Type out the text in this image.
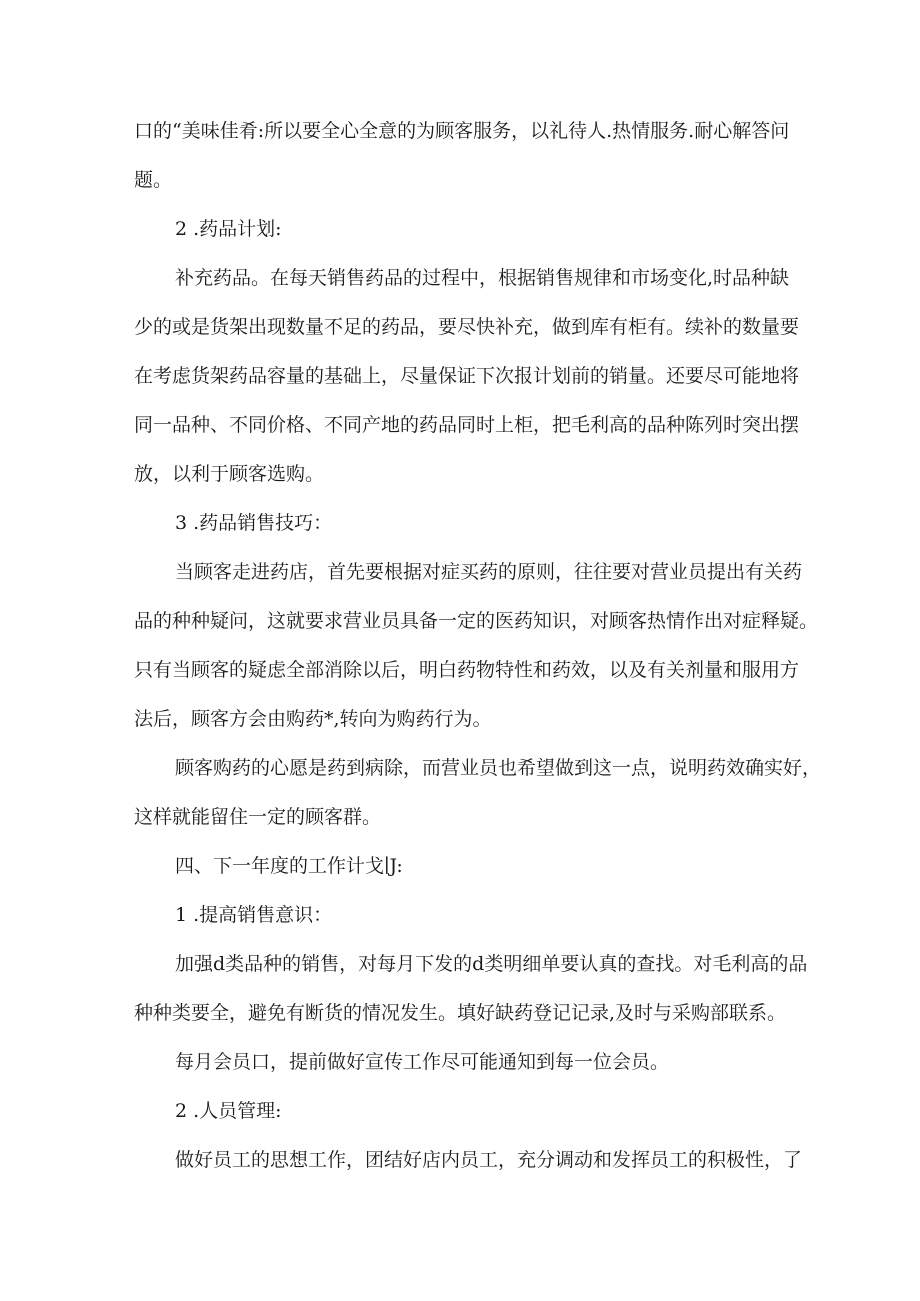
口的“美味佳肴:所以要全心全意的为顾客服务，以礼待人.热情服务.耐心解答问
题。
2 .药品计划:
补充药品。在每天销售药品的过程中，根据销售规律和市场变化,时品种缺
少的或是货架出现数量不足的药品，要尽快补充，做到库有柜有。续补的数量要
在考虑货架药品容量的基础上，尽量保证下次报计划前的销量。还要尽可能地将
同一品种、不同价格、不同产地的药品同时上柜，把毛利高的品种陈列时突出摆
放，以利于顾客选购。
3 .药品销售技巧：
当顾客走进药店，首先要根据对症买药的原则，往往要对营业员提出有关药
品的种种疑问，这就要求营业员具备一定的医药知识，对顾客热情作出对症释疑。
只有当顾客的疑虑全部消除以后，明白药物特性和药效，以及有关剂量和服用方
法后，顾客方会由购药*,转向为购药行为。
顾客购药的心愿是药到病除，而营业员也希望做到这一点，说明药效确实好，
这样就能留住一定的顾客群。
四、下一年度的工作计戈∣J:
1 .提高销售意识：
加强d类品种的销售，对每月下发的d类明细单要认真的查找。对毛利高的品
种种类要全，避免有断货的情况发生。填好缺药登记记录,及时与采购部联系。
每月会员口，提前做好宣传工作尽可能通知到每一位会员。
2 .人员管理:
做好员工的思想工作，团结好店内员工，充分调动和发挥员工的积极性，了
